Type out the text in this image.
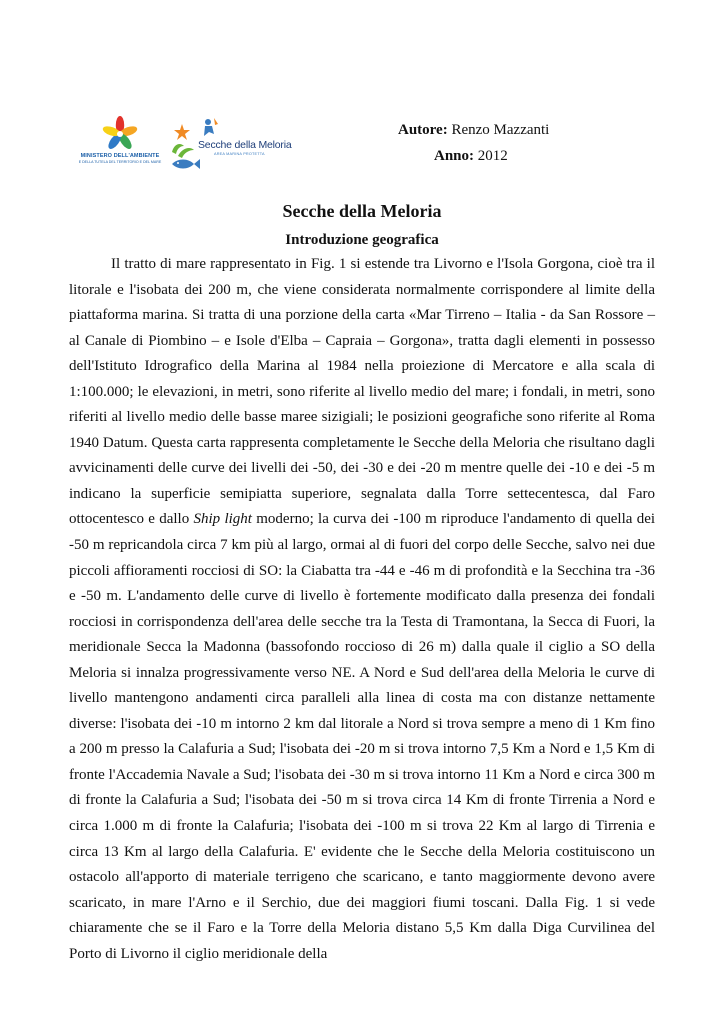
MINISTERO DELL'AMBIENTE
E DELLA TUTELA DEL TERRITORIO E DEL MARE
Secche della Meloria
AREA MARINA PROTETTA
Autore: Renzo Mazzanti
Anno: 2012
Secche della Meloria
Introduzione geografica

Il tratto di mare rappresentato in Fig. 1 si estende tra Livorno e l'Isola Gorgona, cioè tra il litorale e l'isobata dei 200 m, che viene considerata normalmente corrispondere al limite della piattaforma marina. Si tratta di una porzione della carta «Mar Tirreno – Italia - da San Rossore – al Canale di Piombino – e Isole d'Elba – Capraia – Gorgona», tratta dagli elementi in possesso dell'Istituto Idrografico della Marina al 1984 nella proiezione di Mercatore e alla scala di 1:100.000; le elevazioni, in metri, sono riferite al livello medio del mare; i fondali, in metri, sono riferiti al livello medio delle basse maree sizigiali; le posizioni geografiche sono riferite al Roma 1940 Datum. Questa carta rappresenta completamente le Secche della Meloria che risultano dagli avvicinamenti delle curve dei livelli dei -50, dei -30 e dei -20 m mentre quelle dei -10 e dei -5 m indicano la superficie semipiatta superiore, segnalata dalla Torre settecentesca, dal Faro ottocentesco e dallo Ship light moderno; la curva dei -100 m riproduce l'andamento di quella dei -50 m repricandola circa 7 km più al largo, ormai al di fuori del corpo delle Secche, salvo nei due piccoli affioramenti rocciosi di SO: la Ciabatta tra -44 e -46 m di profondità e la Secchina tra -36 e -50 m. L'andamento delle curve di livello è fortemente modificato dalla presenza dei fondali rocciosi in corrispondenza dell'area delle secche tra la Testa di Tramontana, la Secca di Fuori, la meridionale Secca la Madonna (bassofondo roccioso di 26 m) dalla quale il ciglio a SO della Meloria si innalza progressivamente verso NE. A Nord e Sud dell'area della Meloria le curve di livello mantengono andamenti circa paralleli alla linea di costa ma con distanze nettamente diverse: l'isobata dei -10 m intorno 2 km dal litorale a Nord si trova sempre a meno di 1 Km fino a 200 m presso la Calafuria a Sud; l'isobata dei -20 m si trova intorno 7,5 Km a Nord e 1,5 Km di fronte l'Accademia Navale a Sud; l'isobata dei -30 m si trova intorno 11 Km a Nord e circa 300 m di fronte la Calafuria a Sud; l'isobata dei -50 m si trova circa 14 Km di fronte Tirrenia a Nord e circa 1.000 m di fronte la Calafuria; l'isobata dei -100 m si trova 22 Km al largo di Tirrenia e circa 13 Km al largo della Calafuria. E' evidente che le Secche della Meloria costituiscono un ostacolo all'apporto di materiale terrigeno che scaricano, e tanto maggiormente devono avere scaricato, in mare l'Arno e il Serchio, due dei maggiori fiumi toscani. Dalla Fig. 1 si vede chiaramente che se il Faro e la Torre della Meloria distano 5,5 Km dalla Diga Curvilinea del Porto di Livorno il ciglio meridionale della
